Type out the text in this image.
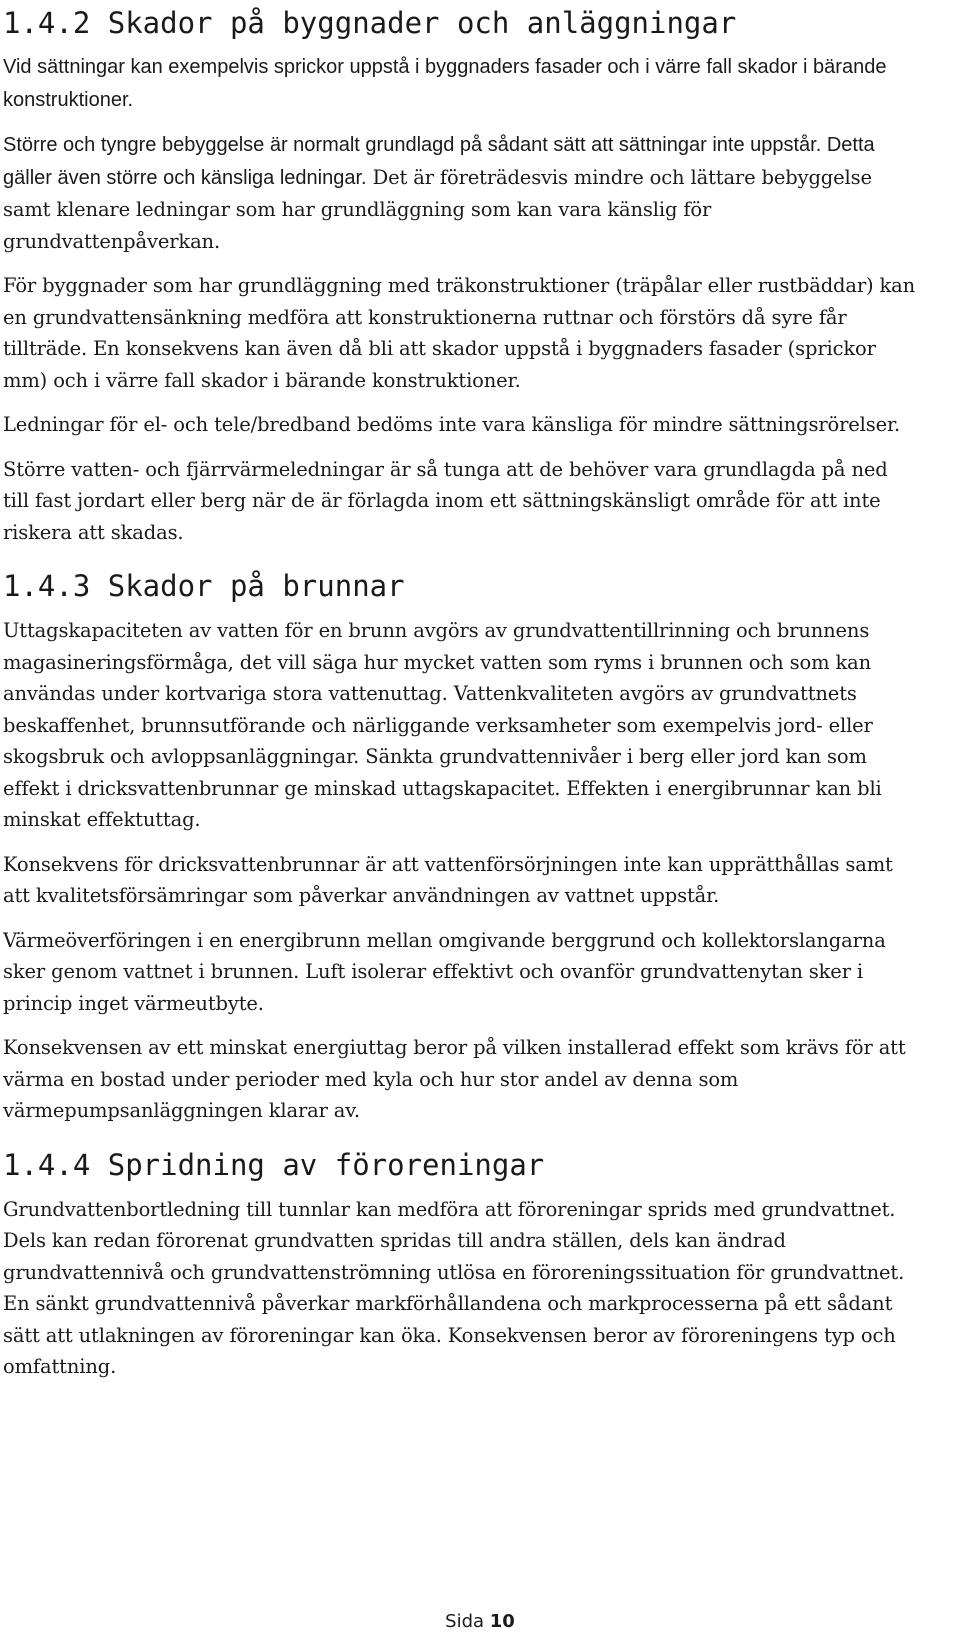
1.4.2 Skador på byggnader och anläggningar

Vid sättningar kan exempelvis sprickor uppstå i byggnaders fasader och i värre fall skador i bärande konstruktioner.

Större och tyngre bebyggelse är normalt grundlagd på sådant sätt att sättningar inte uppstår. Detta gäller även större och känsliga ledningar. Det är företrädesvis mindre och lättare bebyggelse samt klenare ledningar som har grundläggning som kan vara känslig för grundvattenpåverkan.

För byggnader som har grundläggning med träkonstruktioner (träpålar eller rustbäddar) kan en grundvattensänkning medföra att konstruktionerna ruttnar och förstörs då syre får tillträde. En konsekvens kan även då bli att skador uppstå i byggnaders fasader (sprickor mm) och i värre fall skador i bärande konstruktioner.

Ledningar för el- och tele/bredband bedöms inte vara känsliga för mindre sättningsrörelser.

Större vatten- och fjärrvärmeledningar är så tunga att de behöver vara grundlagda på ned till fast jordart eller berg när de är förlagda inom ett sättningskänsligt område för att inte riskera att skadas.

1.4.3 Skador på brunnar

Uttagskapaciteten av vatten för en brunn avgörs av grundvattentillrinning och brunnens magasineringsförmåga, det vill säga hur mycket vatten som ryms i brunnen och som kan användas under kortvariga stora vattenuttag. Vattenkvaliteten avgörs av grundvattnets beskaffenhet, brunnsutförande och närliggande verksamheter som exempelvis jord- eller skogsbruk och avloppsanläggningar. Sänkta grundvattennivåer i berg eller jord kan som effekt i dricksvattenbrunnar ge minskad uttagskapacitet. Effekten i energibrunnar kan bli minskat effektuttag.

Konsekvens för dricksvattenbrunnar är att vattenförsörjningen inte kan upprätthållas samt att kvalitetsförsämringar som påverkar användningen av vattnet uppstår.

Värmeöverföringen i en energibrunn mellan omgivande berggrund och kollektorslangarna sker genom vattnet i brunnen. Luft isolerar effektivt och ovanför grundvattenytan sker i princip inget värmeutbyte.

Konsekvensen av ett minskat energiuttag beror på vilken installerad effekt som krävs för att värma en bostad under perioder med kyla och hur stor andel av denna som värmepumpsanläggningen klarar av.

1.4.4 Spridning av föroreningar

Grundvattenbortledning till tunnlar kan medföra att föroreningar sprids med grundvattnet. Dels kan redan förorenat grundvatten spridas till andra ställen, dels kan ändrad grundvattennivå och grundvattenströmning utlösa en föroreningssituation för grundvattnet. En sänkt grundvattennivå påverkar markförhållandena och markprocesserna på ett sådant sätt att utlakningen av föroreningar kan öka. Konsekvensen beror av föroreningens typ och omfattning.

Sida 10
